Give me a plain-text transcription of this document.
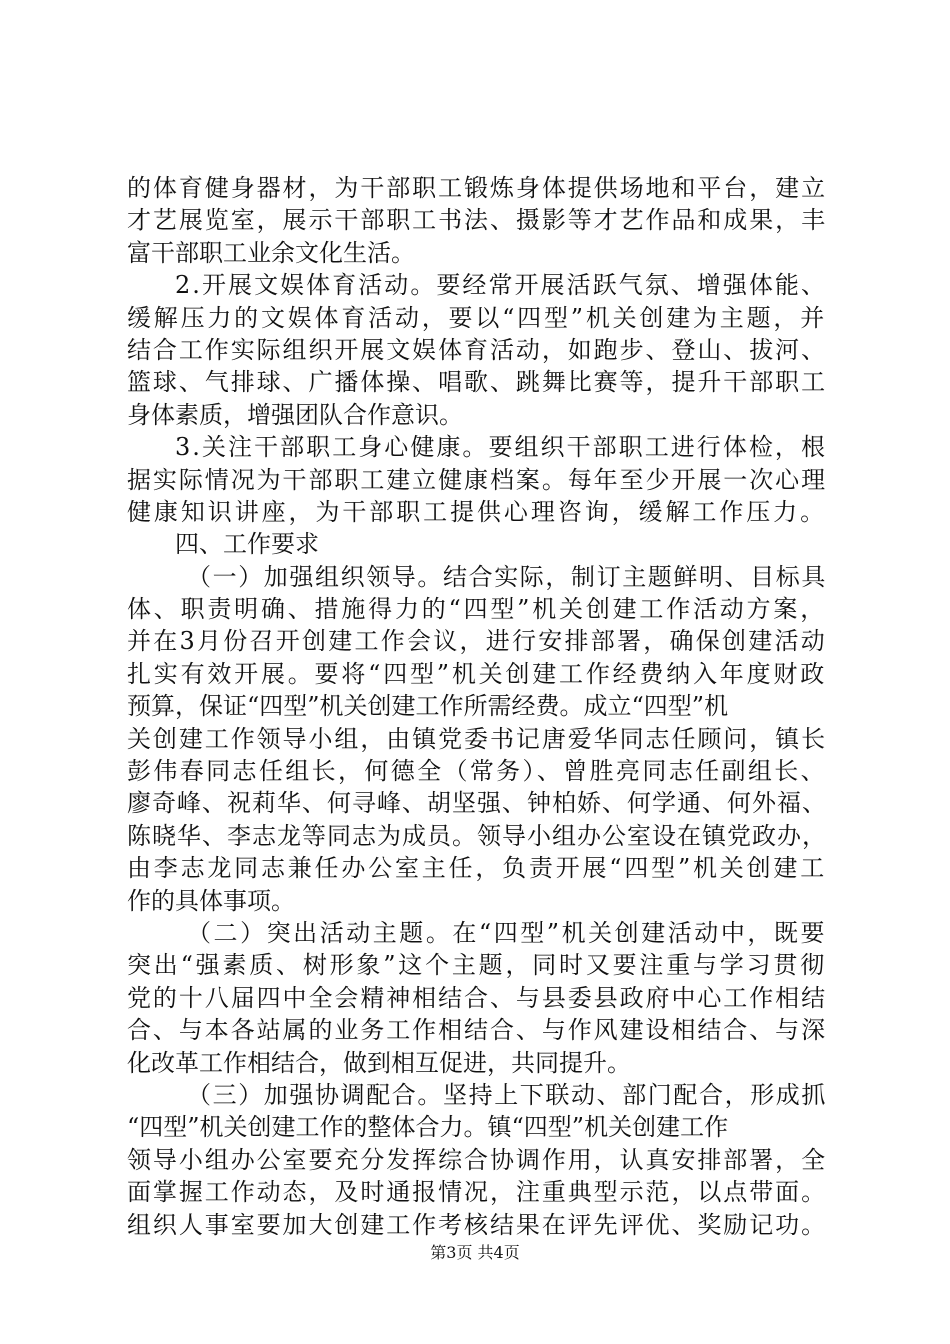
的体育健身器材，为干部职工锻炼身体提供场地和平台，建立
才艺展览室，展示干部职工书法、摄影等才艺作品和成果，丰
富干部职工业余文化生活。
2.开展文娱体育活动。要经常开展活跃气氛、增强体能、
缓解压力的文娱体育活动，要以“四型”机关创建为主题，并
结合工作实际组织开展文娱体育活动，如跑步、登山、拔河、
篮球、气排球、广播体操、唱歌、跳舞比赛等，提升干部职工
身体素质，增强团队合作意识。
3.关注干部职工身心健康。要组织干部职工进行体检，根
据实际情况为干部职工建立健康档案。每年至少开展一次心理
健康知识讲座，为干部职工提供心理咨询，缓解工作压力。
四、工作要求
（一）加强组织领导。结合实际，制订主题鲜明、目标具
体、职责明确、措施得力的“四型”机关创建工作活动方案，
并在3月份召开创建工作会议，进行安排部署，确保创建活动
扎实有效开展。要将“四型”机关创建工作经费纳入年度财政
预算，保证“四型”机关创建工作所需经费。成立“四型”机
关创建工作领导小组，由镇党委书记唐爱华同志任顾问，镇长
彭伟春同志任组长，何德全（常务）、曾胜亮同志任副组长、
廖奇峰、祝莉华、何寻峰、胡坚强、钟柏娇、何学通、何外福、
陈晓华、李志龙等同志为成员。领导小组办公室设在镇党政办，
由李志龙同志兼任办公室主任，负责开展“四型”机关创建工
作的具体事项。
（二）突出活动主题。在“四型”机关创建活动中，既要
突出“强素质、树形象”这个主题，同时又要注重与学习贯彻
党的十八届四中全会精神相结合、与县委县政府中心工作相结
合、与本各站属的业务工作相结合、与作风建设相结合、与深
化改革工作相结合，做到相互促进，共同提升。
（三）加强协调配合。坚持上下联动、部门配合，形成抓
“四型”机关创建工作的整体合力。镇“四型”机关创建工作
领导小组办公室要充分发挥综合协调作用，认真安排部署，全
面掌握工作动态，及时通报情况，注重典型示范，以点带面。
组织人事室要加大创建工作考核结果在评先评优、奖励记功。
第3页 共4页
